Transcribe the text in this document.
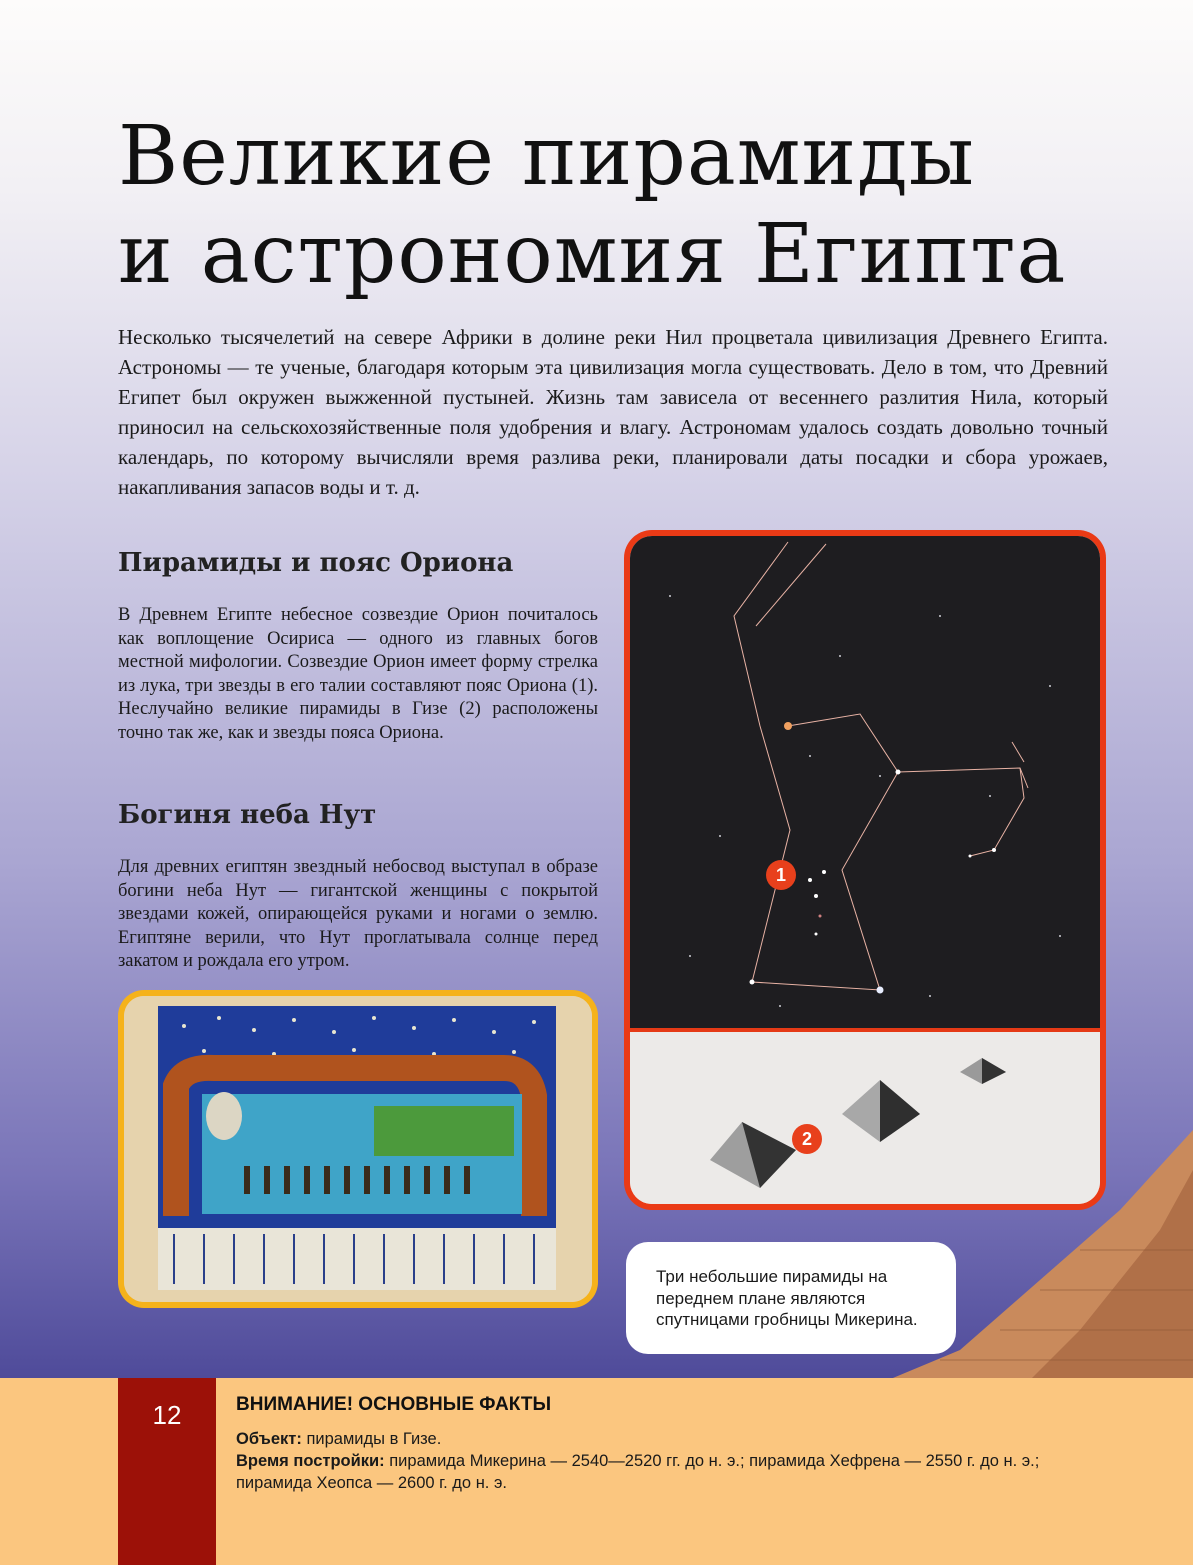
Великие пирамиды
и астрономия Египта

Несколько тысячелетий на севере Африки в долине реки Нил процветала цивилизация Древнего Египта. Астрономы — те ученые, благодаря которым эта цивилизация могла существовать. Дело в том, что Древний Египет был окружен выжженной пустыней. Жизнь там зависела от весеннего разлития Нила, который приносил на сельскохозяйственные поля удобрения и влагу. Астрономам удалось создать довольно точный календарь, по которому вычисляли время разлива реки, планировали даты посадки и сбора урожаев, накапливания запасов воды и т. д.

Пирамиды и пояс Ориона

В Древнем Египте небесное созвездие Орион почиталось как воплощение Осириса — одного из главных богов местной мифологии. Созвездие Орион имеет форму стрелка из лука, три звезды в его талии составляют пояс Ориона (1). Неслучайно великие пирамиды в Гизе (2) расположены точно так же, как и звезды пояса Ориона.

Богиня неба Нут

Для древних египтян звездный небосвод выступал в образе богини неба Нут — гигантской женщины с покрытой звездами кожей, опирающейся руками и ногами о землю. Египтяне верили, что Нут проглатывала солнце перед закатом и рождала его утром.

1
2
Три небольшие пирамиды на переднем плане являются спутницами гробницы Микерина.
12	ВНИМАНИЕ! ОСНОВНЫЕ ФАКТЫ

Объект: пирамиды в Гизе.
Время постройки: пирамида Микерина — 2540—2520 гг. до н. э.; пирамида Хефрена — 2550 г. до н. э.; пирамида Хеопса — 2600 г. до н. э.
